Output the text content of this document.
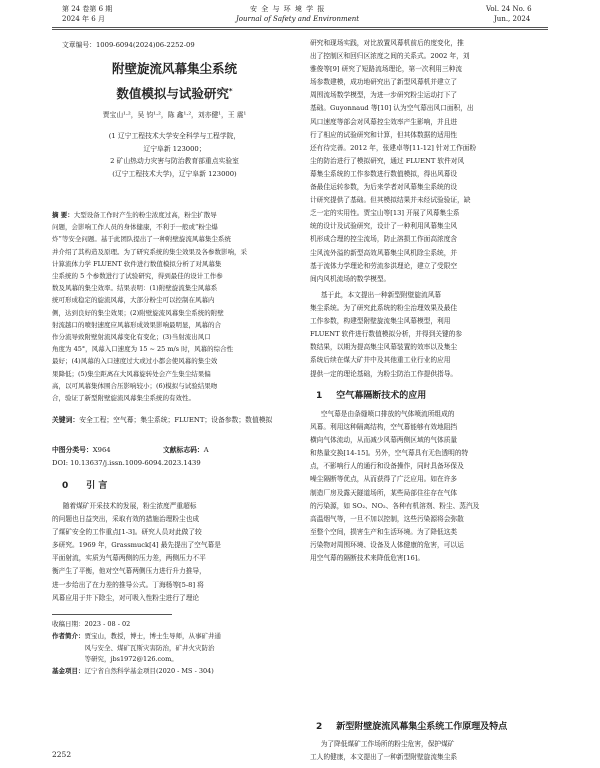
第 24 卷第 6 期
2024 年 6 月
安 全 与 环 境 学 报
Journal of Safety and Environment
Vol. 24 No. 6
Jun., 2024
文章编号：1009-6094(2024)06-2252-09
附壁旋流风幕集尘系统
数值模拟与试验研究*
贾宝山¹·²，吴 钧¹·²，陈 鑫¹·²，刘亦健¹，王 震¹
(1 辽宁工程技术大学安全科学与工程学院，
辽宁阜新 123000；
2 矿山热动力灾害与防治教育部重点实验室
(辽宁工程技术大学)，辽宁阜新 123000)
摘 要：大型设备工作时产生的粉尘浓度过高，粉尘扩散导
问题，会影响工作人员的身体健康，不利于一般或“粉尘爆
炸”等安全问题。基于此团队提出了一种附壁旋流风幕集尘系统
并介绍了其构造及原理。为了研究系统的集尘效果及各参数影响，采
计算流体力学 FLUENT 软件进行数值模拟分析了对风幕集
尘系统的 5 个参数进行了试验研究，得到最佳的设计工作参
数及风幕的集尘效率。结果表明：(1)附壁旋流集尘风幕系
统可形成稳定的旋流风幕，大部分粉尘可以控制在风幕内
侧，达到良好的集尘效果；(2)附壁旋流风幕集尘系统的附壁
射流越口的喷射速度应风幕形成效果影响最明显，风幕的合
作分流导致附壁射流风幕变化有变化；(3)当射流出风口
角度为 45°，风幕入口速度为 15 ~ 25 m/s 时，风幕的综合性
最好；(4)风幕的入口速度过大或过小都会使风幕的集尘效
果降低；(5)集尘距离在大风幕旋转处会产生集尘结果偏
高，以可风幕集体围合压影响较小；(6)模拟与试验结果吻
合，验证了新型附壁旋流风幕集尘系统的有效性。
关键词：安全工程；空气幕；集尘系统；FLUENT；设备参数；数值模拟
中图分类号：X964	文献标志码：A
DOI: 10.13637/j.issn.1009-6094.2023.1439
0 引 言
随着煤矿开采技术的发展，粉尘浓度严重超标
的问题也日益突出，采取有效的措施治理粉尘也成
了煤矿安全的工作重点[1-3]。研究人员对此做了较
多研究。1969 年，Grassmuck[4] 最先提出了空气幕是
平面射流，实质为气幕两侧的压力差，两侧压力不平
衡产生了平衡，他对空气幕两侧压力进行升力推导，
进一步给出了在力差的推导公式。丁海杨等[5-8] 将
风幕应用于井下除尘，对可吸入性粉尘进行了理论
收稿日期：2023 - 08 - 02
作者简介： 贾宝山，教授，博士，博士生导师，从事矿井通
风与安全、煤矿瓦斯灾害防治，矿井火灾防治
等研究，jbs1972@126.com。
基金项目：辽宁省自然科学基金项目(2020 - MS - 304)
2252
研究和现场实践，对比放置风幕机前后的度变化，推
出了控制区和回归区浓度之间的关系式。2002 年，刘
雅俊等[9] 研究了短路流场理论，第一次利用三种流
场参数建模，成功地研究出了新型风幕机并建立了
周围流场数学模型，为进一步研究粉尘运动打下了
基础。Guyonnaud 等[10] 认为空气幕出风口面积，出
风口速度等部会对风幕控尘效率产生影响，并且进
行了相应的试验研究和计算，但其体数据的适用性
还有待完善。2012 年，张建卓等[11-12] 针对工作面粉
尘的防治进行了模拟研究，通过 FLUENT 软件对风
幕集尘系统的工作参数进行数值模拟，得出风幕设
备最佳运转参数，为后来学者对风幕集尘系统的设
计研究提供了基础。但其模拟结果并未经试验验证，缺
乏一定的实用性。贾宝山等[13] 开展了风幕集尘系
统的设计及试验研究，设计了一种利用风幕集尘风
机形成合理的控尘流场，防止溶损工作面高浓度含
尘风流外溢的新型高效风幕集尘风机除尘系统，并
基于流体力学理论和劳流参洪理论，建立了受限空
间内风机流场的数学模型。
基于此，本文提出一种新型附壁旋流风幕
集尘系统。为了研究此系统的粉尘治理效果及最佳
工作参数，构建型附壁旋流集尘风幕模型，利用
FLUENT 软件进行数值模拟分析，并得到关键的参
数结果，以期为提高集尘风幕装置的效率以及集尘
系统后续在煤大矿井中及其他重工业行业的应用
提供一定的理论基础，为粉尘防治工作提供指导。
1 空气幕隔断技术的应用
空气幕是由条缝喷口排放的气体喷流所组成的
风幕。利用这种隔离结构，空气幕能够有效地阻挡
横向气体流动，从而减少风幕两侧区域的气体质量
和热量交换[14-15]。另外，空气幕具有无色透明的特
点，不影响行人的通行和设备操作，同时具备环保及
噪尘隔断等优点，从而获得了广泛应用。如在许多
制造厂房及露天隧道场所，某些局部住往存在气体
的污染源，如 SO₂、NO₂、各种有机溶剂、粉尘、蒸汽及
高温烟气等，一旦不加以控制，这些污染源将会弥散
至整个空间，损害生产和生活环境。为了降低这类
污染物对周围环境、设备及人体健康的危害，可以运
用空气幕的隔断技术来降低危害[16]。
2 新型附壁旋流风幕集尘系统工作原理及特点
为了降低煤矿工作场所的粉尘危害，保护煤矿
工人的健康，本文提出了一种新型附壁旋流集尘系
